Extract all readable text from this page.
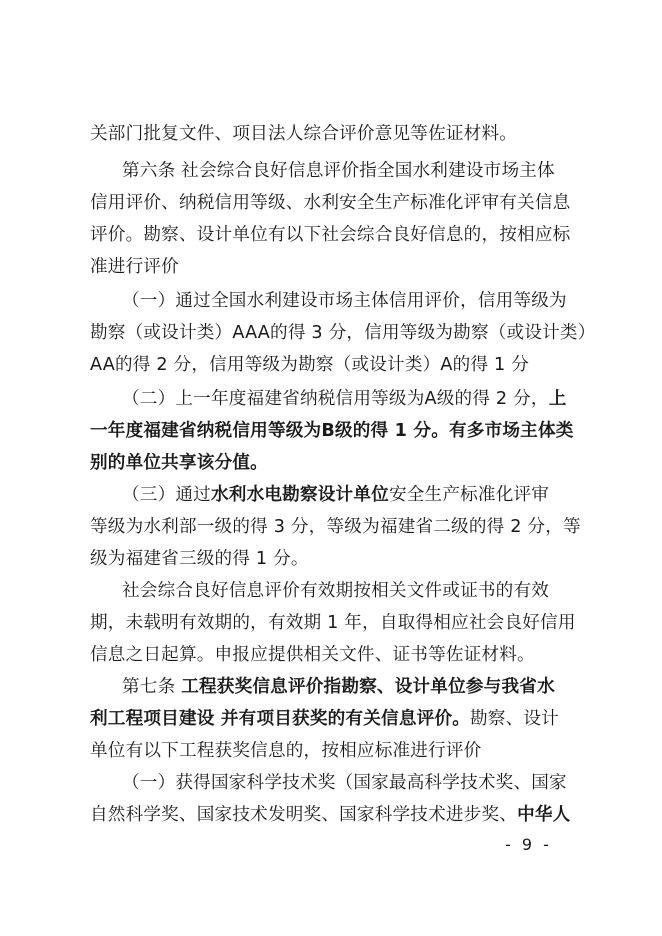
关部门批复文件、项目法人综合评价意见等佐证材料。
第六条 社会综合良好信息评价指全国水利建设市场主体
信用评价、纳税信用等级、水利安全生产标准化评审有关信息
评价。勘察、设计单位有以下社会综合良好信息的，按相应标
准进行评价
（一）通过全国水利建设市场主体信用评价，信用等级为
勘察（或设计类）AAA的得 3 分，信用等级为勘察（或设计类）
AA的得 2 分，信用等级为勘察（或设计类）A的得 1 分
（二）上一年度福建省纳税信用等级为A级的得 2 分，上
一年度福建省纳税信用等级为B级的得 1 分。有多市场主体类
别的单位共享该分值。
（三）通过水利水电勘察设计单位安全生产标准化评审
等级为水利部一级的得 3 分，等级为福建省二级的得 2 分，等
级为福建省三级的得 1 分。
社会综合良好信息评价有效期按相关文件或证书的有效
期，未载明有效期的，有效期 1 年，自取得相应社会良好信用
信息之日起算。申报应提供相关文件、证书等佐证材料。
第七条 工程获奖信息评价指勘察、设计单位参与我省水
利工程项目建设 并有项目获奖的有关信息评价。勘察、设计
单位有以下工程获奖信息的，按相应标准进行评价
（一）获得国家科学技术奖（国家最高科学技术奖、国家
自然科学奖、国家技术发明奖、国家科学技术进步奖、中华人
- 9 -
